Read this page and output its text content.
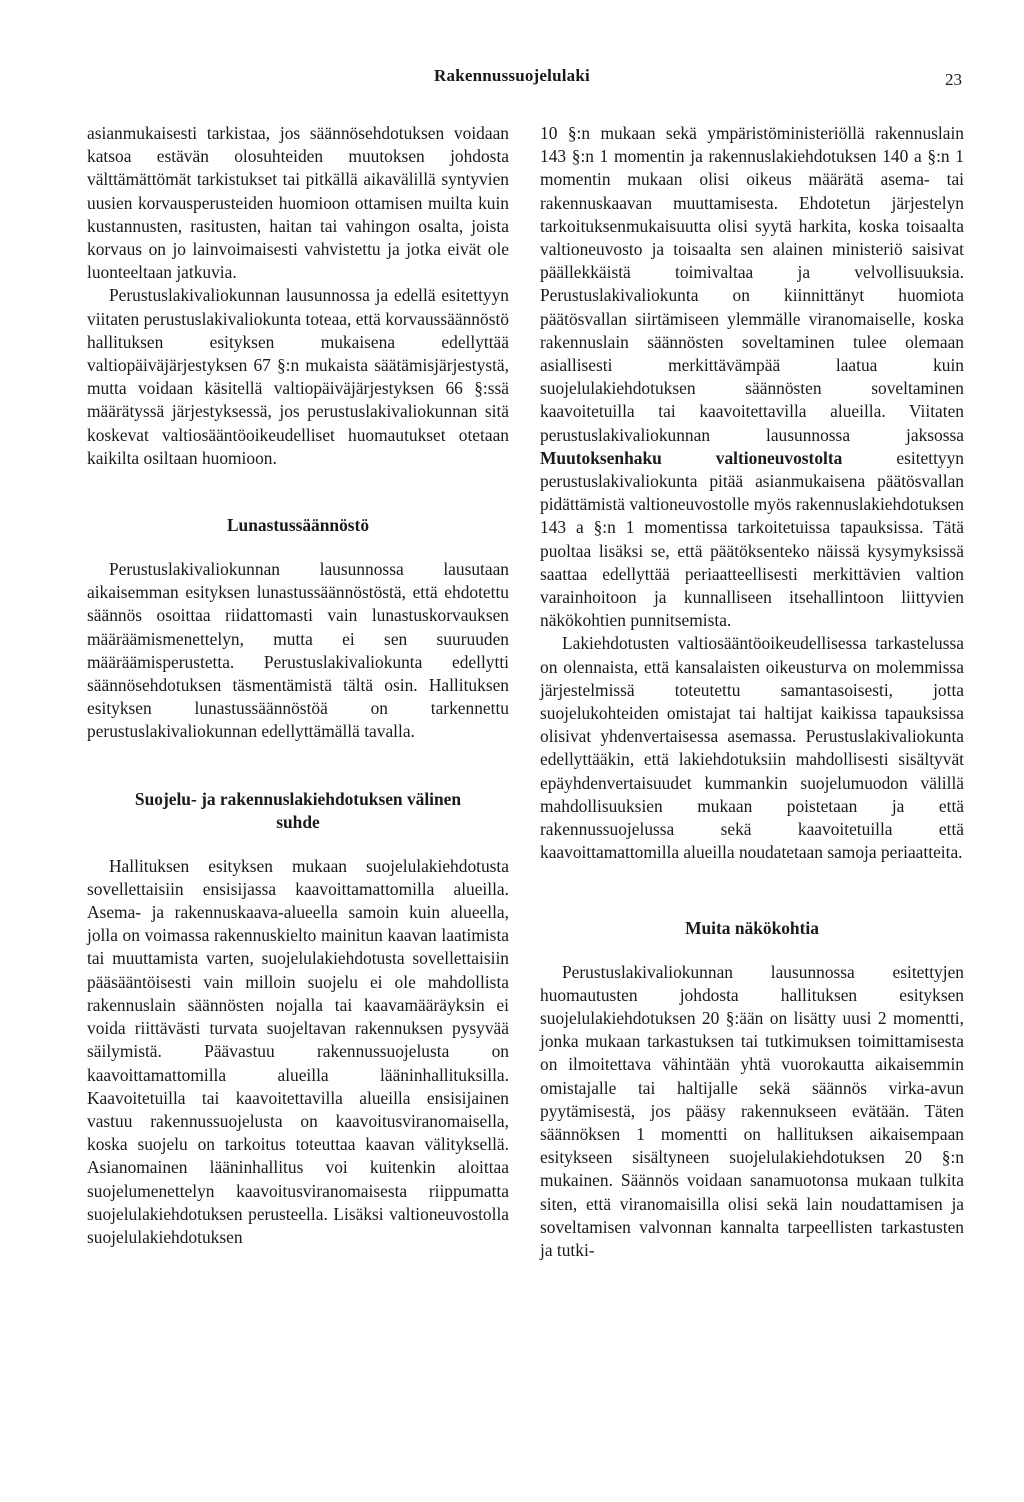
Rakennussuojelulaki	23

asianmukaisesti tarkistaa, jos säännösehdotuksen voidaan katsoa estävän olosuhteiden muutoksen johdosta välttämättömät tarkistukset tai pitkällä aikavälillä syntyvien uusien korvausperusteiden huomioon ottamisen muilta kuin kustannusten, rasitusten, haitan tai vahingon osalta, joista korvaus on jo lainvoimaisesti vahvistettu ja jotka eivät ole luonteeltaan jatkuvia.

Perustuslakivaliokunnan lausunnossa ja edellä esitettyyn viitaten perustuslakivaliokunta toteaa, että korvaussäännöstö hallituksen esityksen mukaisena edellyttää valtiopäiväjärjestyksen 67 §:n mukaista säätämisjärjestystä, mutta voidaan käsitellä valtiopäiväjärjestyksen 66 §:ssä määrätyssä järjestyksessä, jos perustuslakivaliokunnan sitä koskevat valtiosääntöoikeudelliset huomautukset otetaan kaikilta osiltaan huomioon.

Lunastussäännöstö

Perustuslakivaliokunnan lausunnossa lausutaan aikaisemman esityksen lunastussäännöstöstä, että ehdotettu säännös osoittaa riidattomasti vain lunastuskorvauksen määräämismenettelyn, mutta ei sen suuruuden määräämisperustetta. Perustuslakivaliokunta edellytti säännösehdotuksen täsmentämistä tältä osin. Hallituksen esityksen lunastussäännöstöä on tarkennettu perustuslakivaliokunnan edellyttämällä tavalla.

Suojelu- ja rakennuslakiehdotuksen välinen suhde

Hallituksen esityksen mukaan suojelulakiehdotusta sovellettaisiin ensisijassa kaavoittamattomilla alueilla. Asema- ja rakennuskaava-alueella samoin kuin alueella, jolla on voimassa rakennuskielto mainitun kaavan laatimista tai muuttamista varten, suojelulakiehdotusta sovellettaisiin pääsääntöisesti vain milloin suojelu ei ole mahdollista rakennuslain säännösten nojalla tai kaavamääräyksin ei voida riittävästi turvata suojeltavan rakennuksen pysyvää säilymistä. Päävastuu rakennussuojelusta on kaavoittamattomilla alueilla lääninhallituksilla. Kaavoitetuilla tai kaavoitettavilla alueilla ensisijainen vastuu rakennussuojelusta on kaavoitusviranomaisella, koska suojelu on tarkoitus toteuttaa kaavan välityksellä. Asianomainen lääninhallitus voi kuitenkin aloittaa suojelumenettelyn kaavoitusviranomaisesta riippumatta suojelulakiehdotuksen perusteella. Lisäksi valtioneuvostolla suojelulakiehdotuksen

10 §:n mukaan sekä ympäristöministeriöllä rakennuslain 143 §:n 1 momentin ja rakennuslakiehdotuksen 140 a §:n 1 momentin mukaan olisi oikeus määrätä asema- tai rakennuskaavan muuttamisesta. Ehdotetun järjestelyn tarkoituksenmukaisuutta olisi syytä harkita, koska toisaalta valtioneuvosto ja toisaalta sen alainen ministeriö saisivat päällekkäistä toimivaltaa ja velvollisuuksia. Perustuslakivaliokunta on kiinnittänyt huomiota päätösvallan siirtämiseen ylemmälle viranomaiselle, koska rakennuslain säännösten soveltaminen tulee olemaan asiallisesti merkittävämpää laatua kuin suojelulakiehdotuksen säännösten soveltaminen kaavoitetuilla tai kaavoitettavilla alueilla. Viitaten perustuslakivaliokunnan lausunnossa jaksossa Muutoksenhaku valtioneuvostolta	esitettyyn perustuslakivaliokunta pitää asianmukaisena päätösvallan pidättämistä valtioneuvostolle myös rakennuslakiehdotuksen 143 a §:n 1 momentissa tarkoitetuissa tapauksissa. Tätä puoltaa lisäksi se, että päätöksenteko näissä kysymyksissä saattaa edellyttää periaatteellisesti merkittävien valtion varainhoitoon ja kunnalliseen itsehallintoon liittyvien näkökohtien punnitsemista.

Lakiehdotusten valtiosääntöoikeudellisessa tarkastelussa on olennaista, että kansalaisten oikeusturva on molemmissa järjestelmissä toteutettu samantasoisesti, jotta suojelukohteiden omistajat tai haltijat kaikissa tapauksissa olisivat yhdenvertaisessa asemassa. Perustuslakivaliokunta edellyttääkin, että lakiehdotuksiin mahdollisesti sisältyvät epäyhdenvertaisuudet kummankin suojelumuodon välillä mahdollisuuksien mukaan poistetaan ja että rakennussuojelussa sekä kaavoitetuilla että kaavoittamattomilla alueilla noudatetaan samoja periaatteita.

Muita näkökohtia

Perustuslakivaliokunnan lausunnossa esitettyjen huomautusten johdosta hallituksen esityksen suojelulakiehdotuksen 20 §:ään on lisätty uusi 2 momentti, jonka mukaan tarkastuksen tai tutkimuksen toimittamisesta on ilmoitettava vähintään yhtä vuorokautta aikaisemmin omistajalle tai haltijalle sekä säännös virka-avun pyytämisestä, jos pääsy rakennukseen evätään. Täten säännöksen 1 momentti on hallituksen aikaisempaan esitykseen sisältyneen suojelulakiehdotuksen 20 §:n mukainen. Säännös voidaan sanamuotonsa mukaan tulkita siten, että viranomaisilla olisi sekä lain noudattamisen ja soveltamisen valvonnan kannalta tarpeellisten tarkastusten ja tutki-
